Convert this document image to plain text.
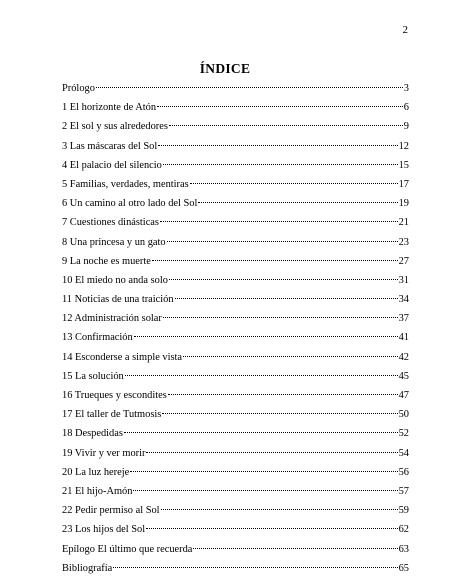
2
ÍNDICE
Prólogo	3
1 El horizonte de Atón	6
2 El sol y sus alrededores	9
3 Las máscaras del Sol	12
4 El palacio del silencio	15
5 Familias, verdades, mentiras	17
6 Un camino al otro lado del Sol	19
7 Cuestiones dinásticas	21
8 Una princesa y un gato	23
9 La noche es muerte	27
10 El miedo no anda solo	31
11 Noticias de una traición	34
12 Administración solar	37
13 Confirmación	41
14 Esconderse a simple vista	42
15 La solución	45
16 Trueques y escondites	47
17 El taller de Tutmosis	50
18 Despedidas	52
19 Vivir y ver morir	54
20 La luz hereje	56
21 El hijo-Amón	57
22 Pedir permiso al Sol	59
23 Los hijos del Sol	62
Epílogo El último que recuerda	63
Bibliografía	65
